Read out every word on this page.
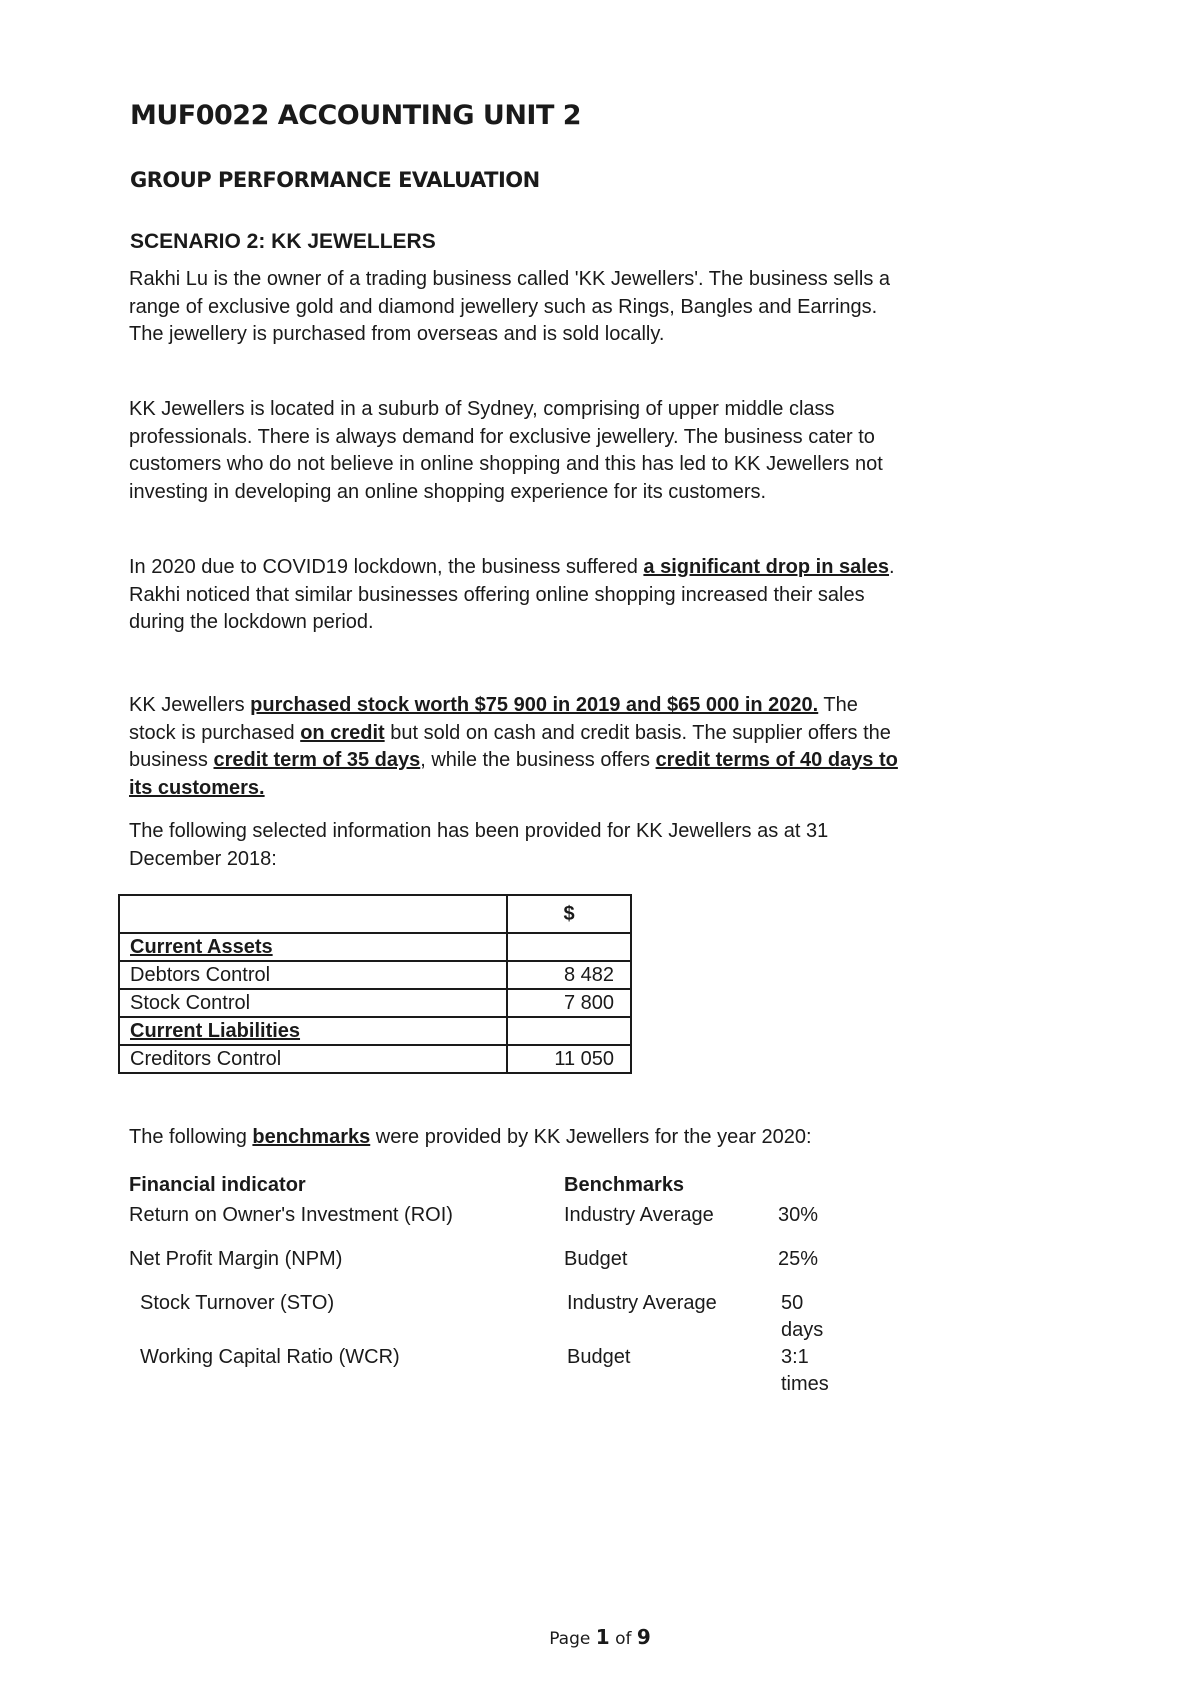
MUF0022 ACCOUNTING UNIT 2
GROUP PERFORMANCE EVALUATION
SCENARIO 2: KK JEWELLERS
Rakhi Lu is the owner of a trading business called 'KK Jewellers'. The business sells a
range of exclusive gold and diamond jewellery such as Rings, Bangles and Earrings.
The jewellery is purchased from overseas and is sold locally.
KK Jewellers is located in a suburb of Sydney, comprising of upper middle class
professionals. There is always demand for exclusive jewellery. The business cater to
customers who do not believe in online shopping and this has led to KK Jewellers not
investing in developing an online shopping experience for its customers.
In 2020 due to COVID19 lockdown, the business suffered a significant drop in sales.
Rakhi noticed that similar businesses offering online shopping increased their sales
during the lockdown period.
KK Jewellers purchased stock worth $75 900 in 2019 and $65 000 in 2020. The
stock is purchased on credit but sold on cash and credit basis. The supplier offers the
business credit term of 35 days, while the business offers credit terms of 40 days to
its customers.
The following selected information has been provided for KK Jewellers as at 31
December 2018:
	$
Current Assets	
Debtors Control	8 482
Stock Control	7 800
Current Liabilities	
Creditors Control	11 050
The following benchmarks were provided by KK Jewellers for the year 2020:
Financial indicator	Benchmarks
Return on Owner's Investment (ROI)	Industry Average	30%
Net Profit Margin (NPM)	Budget	25%
Stock Turnover (STO)	Industry Average	50
days
Working Capital Ratio (WCR)	Budget	3:1
times
Page 1 of 9
